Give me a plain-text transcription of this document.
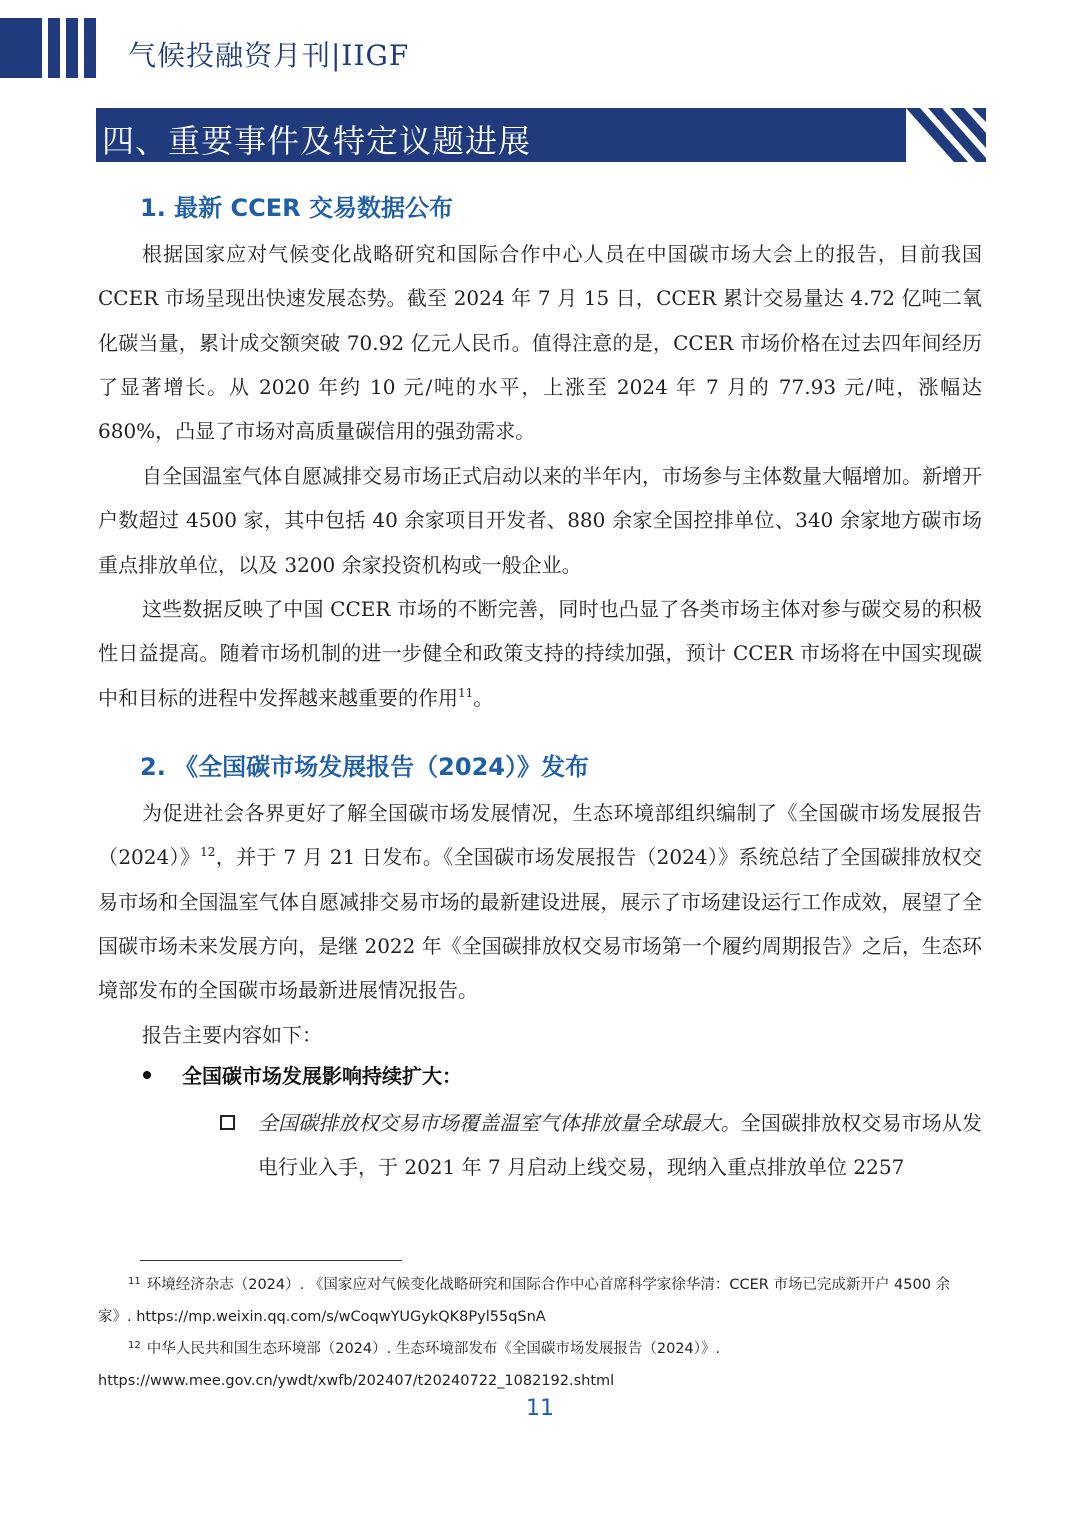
气候投融资月刊|IIGF
四、重要事件及特定议题进展
1. 最新 CCER 交易数据公布

根据国家应对气候变化战略研究和国际合作中心人员在中国碳市场大会上的报告，目前我国 CCER 市场呈现出快速发展态势。截至 2024 年 7 月 15 日，CCER 累计交易量达 4.72 亿吨二氧化碳当量，累计成交额突破 70.92 亿元人民币。值得注意的是，CCER 市场价格在过去四年间经历了显著增长。从 2020 年约 10 元/吨的水平，上涨至 2024 年 7 月的 77.93 元/吨，涨幅达 680%，凸显了市场对高质量碳信用的强劲需求。

自全国温室气体自愿减排交易市场正式启动以来的半年内，市场参与主体数量大幅增加。新增开户数超过 4500 家，其中包括 40 余家项目开发者、880 余家全国控排单位、340 余家地方碳市场重点排放单位，以及 3200 余家投资机构或一般企业。

这些数据反映了中国 CCER 市场的不断完善，同时也凸显了各类市场主体对参与碳交易的积极性日益提高。随着市场机制的进一步健全和政策支持的持续加强，预计 CCER 市场将在中国实现碳中和目标的进程中发挥越来越重要的作用$^{11}$。

2. 《全国碳市场发展报告（2024）》发布

为促进社会各界更好了解全国碳市场发展情况，生态环境部组织编制了《全国碳市场发展报告（2024）》$^{12}$，并于 7 月 21 日发布。《全国碳市场发展报告（2024）》系统总结了全国碳排放权交易市场和全国温室气体自愿减排交易市场的最新建设进展，展示了市场建设运行工作成效，展望了全国碳市场未来发展方向，是继 2022 年《全国碳排放权交易市场第一个履约周期报告》之后，生态环境部发布的全国碳市场最新进展情况报告。

报告主要内容如下：

全国碳市场发展影响持续扩大：

全国碳排放权交易市场覆盖温室气体排放量全球最大。全国碳排放权交易市场从发电行业入手，于 2021 年 7 月启动上线交易，现纳入重点排放单位 2257

$^{11}$ 环境经济杂志（2024）. 《国家应对气候变化战略研究和国际合作中心首席科学家徐华清：CCER 市场已完成新开户 4500 余家》. https://mp.weixin.qq.com/s/wCoqwYUGykQK8Pyl55qSnA

$^{12}$ 中华人民共和国生态环境部（2024）. 生态环境部发布《全国碳市场发展报告（2024）》. https://www.mee.gov.cn/ywdt/xwfb/202407/t20240722_1082192.shtml

11
